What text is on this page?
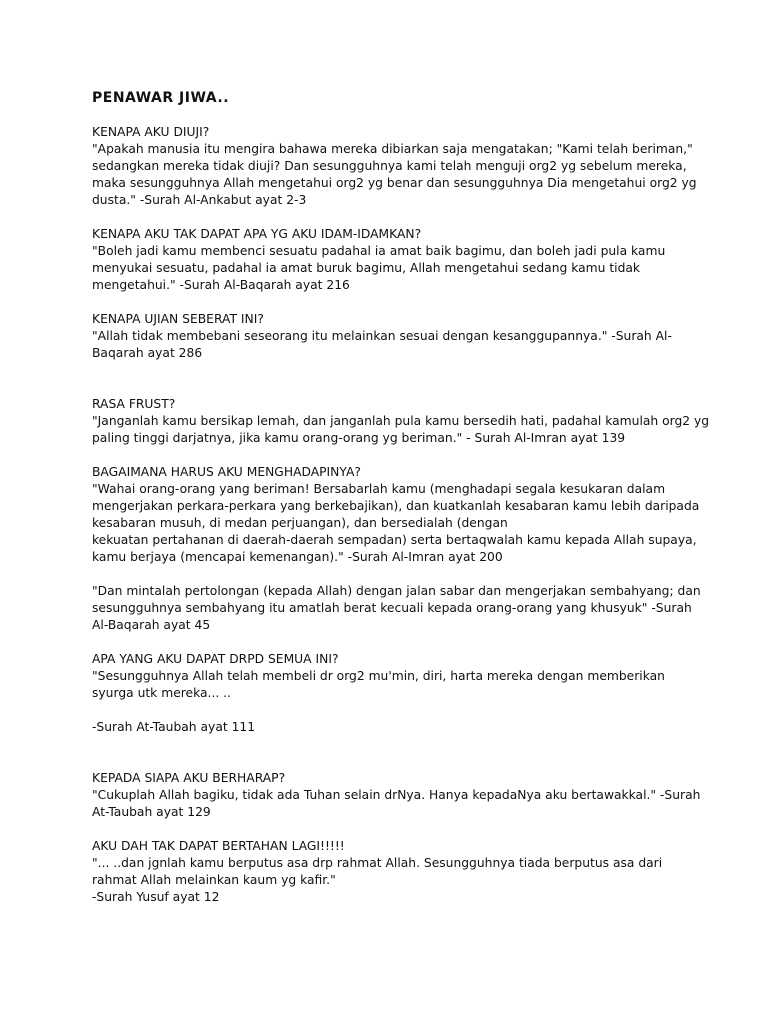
PENAWAR JIWA..
KENAPA AKU DIUJI?
"Apakah manusia itu mengira bahawa mereka dibiarkan saja mengatakan; "Kami telah beriman,"
sedangkan mereka tidak diuji? Dan sesungguhnya kami telah menguji org2 yg sebelum mereka,
maka sesungguhnya Allah mengetahui org2 yg benar dan sesungguhnya Dia mengetahui org2 yg
dusta." -Surah Al-Ankabut ayat 2-3
KENAPA AKU TAK DAPAT APA YG AKU IDAM-IDAMKAN?
"Boleh jadi kamu membenci sesuatu padahal ia amat baik bagimu, dan boleh jadi pula kamu
menyukai sesuatu, padahal ia amat buruk bagimu, Allah mengetahui sedang kamu tidak
mengetahui." -Surah Al-Baqarah ayat 216
KENAPA UJIAN SEBERAT INI?
"Allah tidak membebani seseorang itu melainkan sesuai dengan kesanggupannya." -Surah Al-
Baqarah ayat 286
RASA FRUST?
"Janganlah kamu bersikap lemah, dan janganlah pula kamu bersedih hati, padahal kamulah org2 yg
paling tinggi darjatnya, jika kamu orang-orang yg beriman." - Surah Al-Imran ayat 139
BAGAIMANA HARUS AKU MENGHADAPINYA?
"Wahai orang-orang yang beriman! Bersabarlah kamu (menghadapi segala kesukaran dalam
mengerjakan perkara-perkara yang berkebajikan), dan kuatkanlah kesabaran kamu lebih daripada
kesabaran musuh, di medan perjuangan), dan bersedialah (dengan
kekuatan pertahanan di daerah-daerah sempadan) serta bertaqwalah kamu kepada Allah supaya,
kamu berjaya (mencapai kemenangan)." -Surah Al-Imran ayat 200
"Dan mintalah pertolongan (kepada Allah) dengan jalan sabar dan mengerjakan sembahyang; dan
sesungguhnya sembahyang itu amatlah berat kecuali kepada orang-orang yang khusyuk" -Surah
Al-Baqarah ayat 45
APA YANG AKU DAPAT DRPD SEMUA INI?
"Sesungguhnya Allah telah membeli dr org2 mu'min, diri, harta mereka dengan memberikan
syurga utk mereka... ..
-Surah At-Taubah ayat 111
KEPADA SIAPA AKU BERHARAP?
"Cukuplah Allah bagiku, tidak ada Tuhan selain drNya. Hanya kepadaNya aku bertawakkal." -Surah
At-Taubah ayat 129
AKU DAH TAK DAPAT BERTAHAN LAGI!!!!!
"... ..dan jgnlah kamu berputus asa drp rahmat Allah. Sesungguhnya tiada berputus asa dari
rahmat Allah melainkan kaum yg kafir."
-Surah Yusuf ayat 12
